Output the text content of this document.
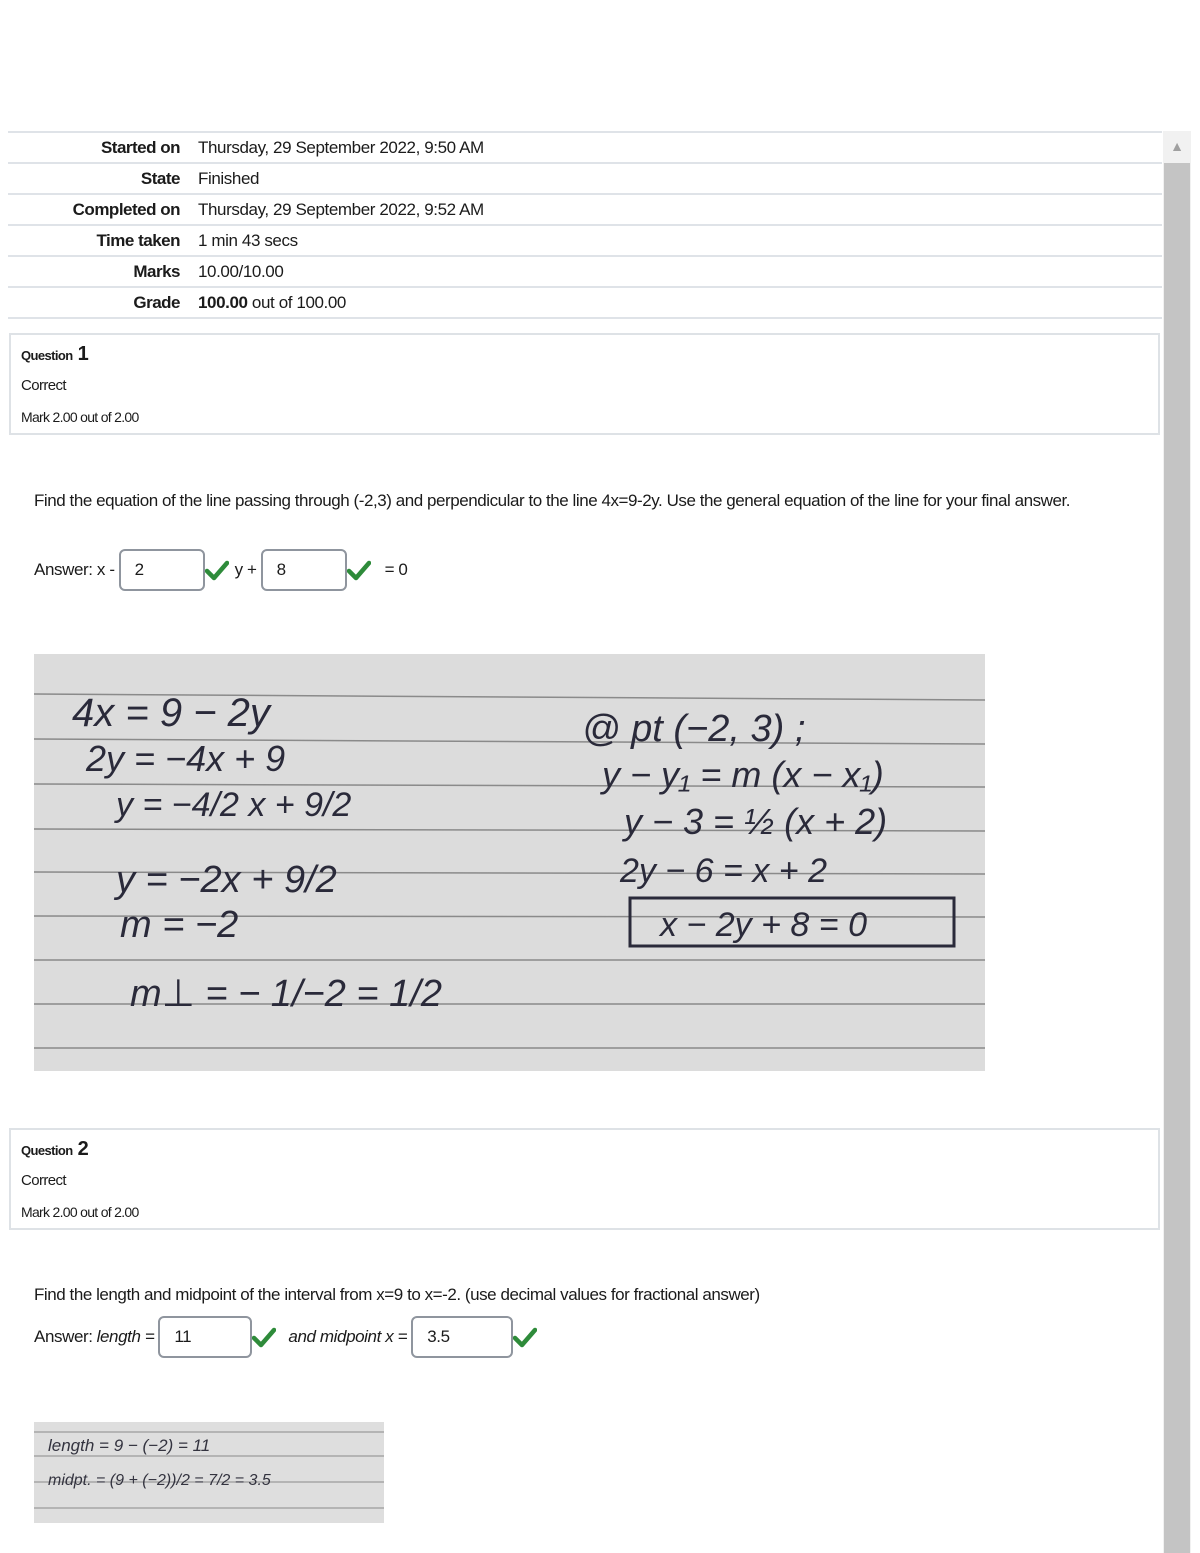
Started on	Thursday, 29 September 2022, 9:50 AM
State	Finished
Completed on	Thursday, 29 September 2022, 9:52 AM
Time taken	1 min 43 secs
Marks	10.00/10.00
Grade	100.00 out of 100.00
▲
Question 1
Correct
Mark 2.00 out of 2.00
Find the equation of the line passing through (-2,3) and perpendicular to the line 4x=9-2y. Use the general equation of the line for your final answer.
Answer: x -	2	y +	8	= 0
4x = 9 − 2y
2y = −4x + 9
y = −4/2 x + 9/2
y = −2x + 9/2
m = −2
m⊥ = − 1/−2 = 1/2
@ pt (−2, 3) ;
y − y₁ = m (x − x₁)
y − 3 = ½ (x + 2)
2y − 6 = x + 2
x − 2y + 8 = 0
Question 2
Correct
Mark 2.00 out of 2.00
Find the length and midpoint of the interval from x=9 to x=-2. (use decimal values for fractional answer)
Answer: length =	11	and midpoint x =	3.5
length = 9 − (−2) = 11
midpt. = (9 + (−2))/2 = 7/2 = 3.5
